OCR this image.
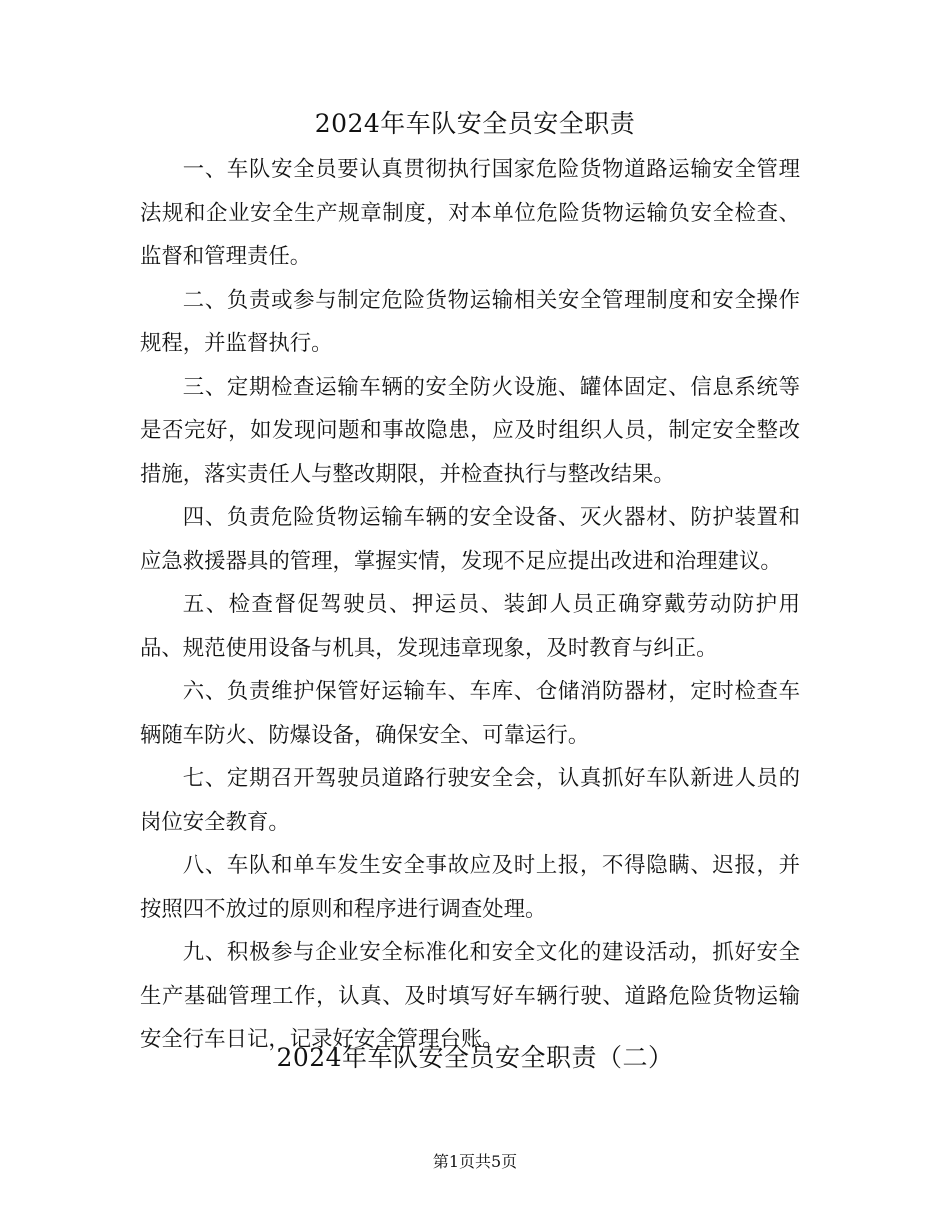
2024年车队安全员安全职责

一、车队安全员要认真贯彻执行国家危险货物道路运输安全管理法规和企业安全生产规章制度，对本单位危险货物运输负安全检查、监督和管理责任。

二、负责或参与制定危险货物运输相关安全管理制度和安全操作规程，并监督执行。

三、定期检查运输车辆的安全防火设施、罐体固定、信息系统等是否完好，如发现问题和事故隐患，应及时组织人员，制定安全整改措施，落实责任人与整改期限，并检查执行与整改结果。

四、负责危险货物运输车辆的安全设备、灭火器材、防护装置和应急救援器具的管理，掌握实情，发现不足应提出改进和治理建议。

五、检查督促驾驶员、押运员、装卸人员正确穿戴劳动防护用品、规范使用设备与机具，发现违章现象，及时教育与纠正。

六、负责维护保管好运输车、车库、仓储消防器材，定时检查车辆随车防火、防爆设备，确保安全、可靠运行。

七、定期召开驾驶员道路行驶安全会，认真抓好车队新进人员的岗位安全教育。

八、车队和单车发生安全事故应及时上报，不得隐瞒、迟报，并按照四不放过的原则和程序进行调查处理。

九、积极参与企业安全标准化和安全文化的建设活动，抓好安全生产基础管理工作，认真、及时填写好车辆行驶、道路危险货物运输安全行车日记，记录好安全管理台账。

2024年车队安全员安全职责（二）

第1页共5页
